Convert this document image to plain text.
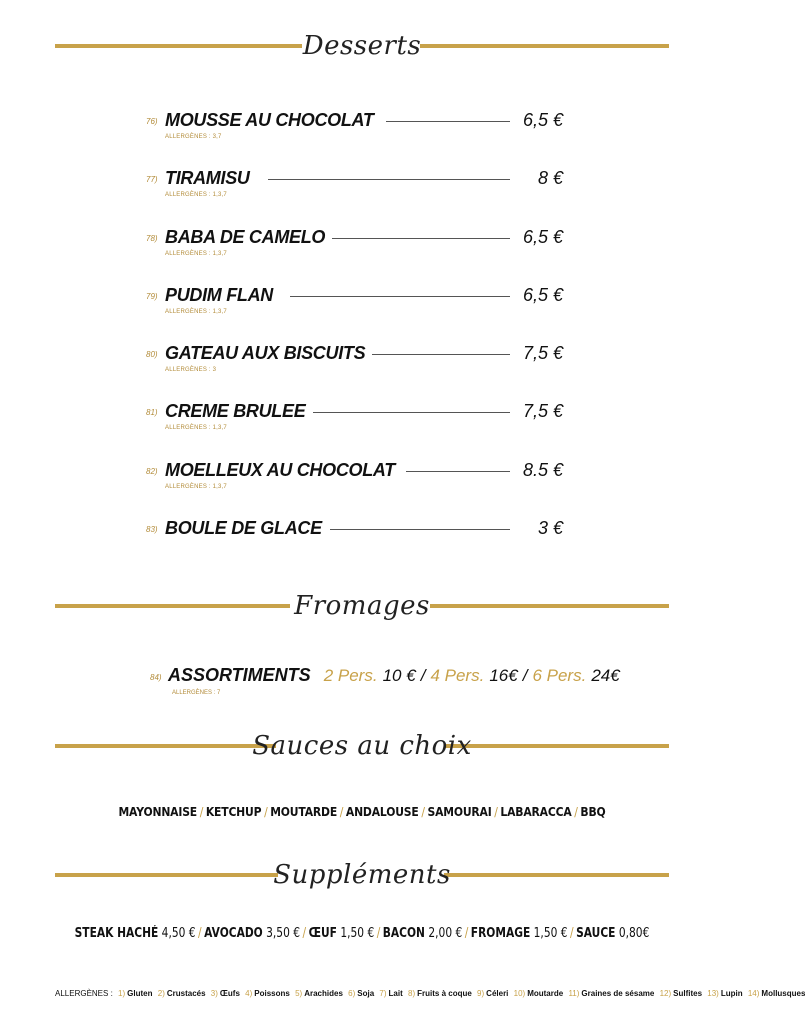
Desserts
76) MOUSSE AU CHOCOLAT	6,5 €
ALLERGÈNES : 3,7
77) TIRAMISU	8 €
ALLERGÈNES : 1,3,7
78) BABA DE CAMELO	6,5 €
ALLERGÈNES : 1,3,7
79) PUDIM FLAN	6,5 €
ALLERGÈNES : 1,3,7
80) GATEAU AUX BISCUITS	7,5 €
ALLERGÈNES : 3
81) CREME BRULEE	7,5 €
ALLERGÈNES : 1,3,7
82) MOELLEUX AU CHOCOLAT	8.5 €
ALLERGÈNES : 1,3,7
83) BOULE DE GLACE	3 €
Fromages
84) ASSORTIMENTS 2 Pers. 10 € / 4 Pers. 16€ / 6 Pers. 24€
ALLERGÈNES : 7
Sauces au choix
MAYONNAISE / KETCHUP / MOUTARDE / ANDALOUSE / SAMOURAI / LABARACCA / BBQ
Suppléments
STEAK HACHÉ 4,50 € / AVOCADO 3,50 € / ŒUF 1,50 € / BACON 2,00 € / FROMAGE 1,50 € / SAUCE 0,80€
ALLERGÈNES : 1) Gluten 2) Crustacés 3) Œufs 4) Poissons 5) Arachides 6) Soja 7) Lait 8) Fruits à coque 9) Céleri 10) Moutarde 11) Graines de sésame 12) Sulfites 13) Lupin 14) Mollusques
